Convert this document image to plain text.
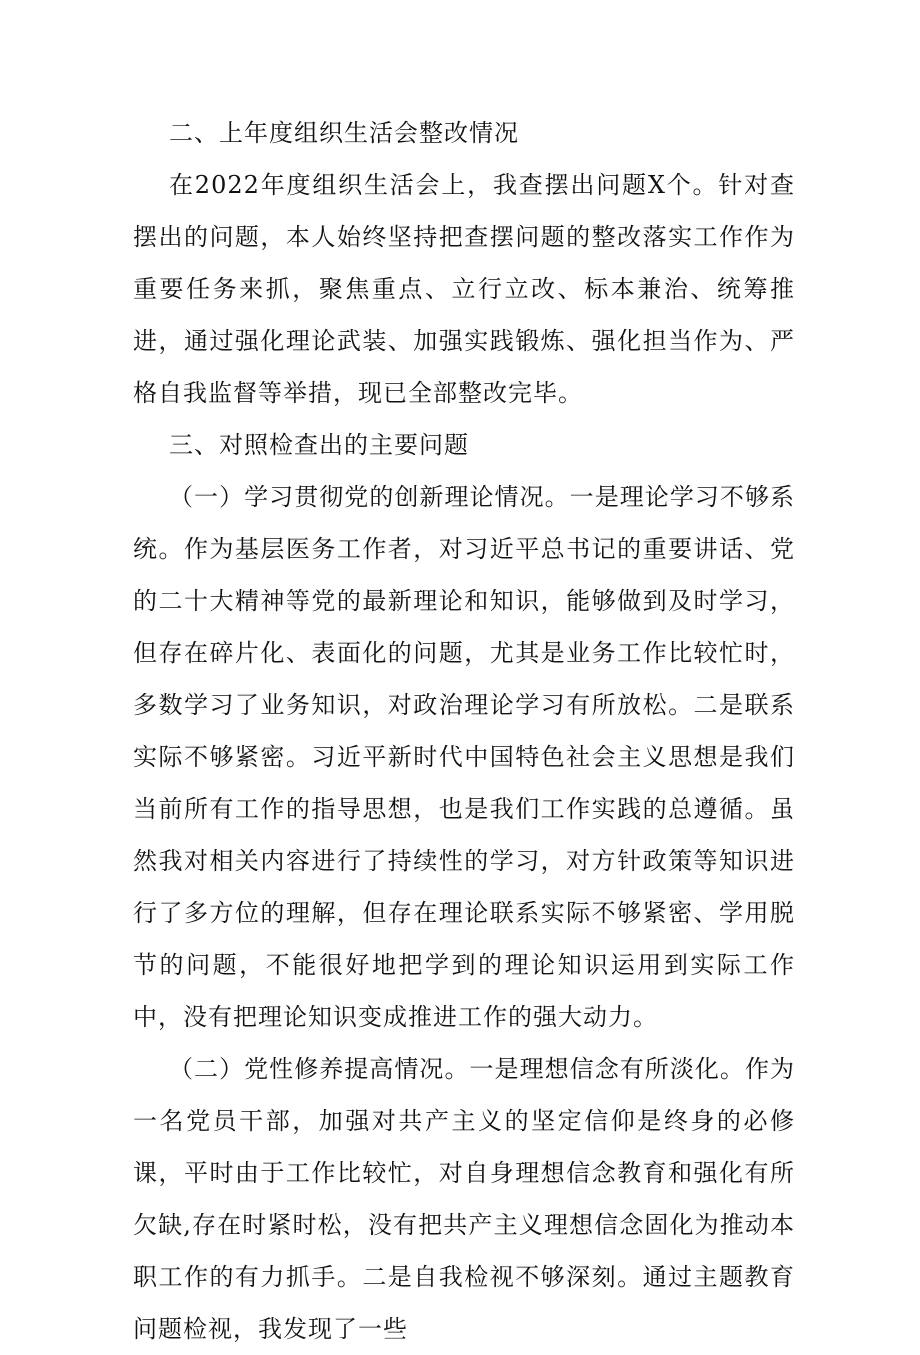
二、上年度组织生活会整改情况

在2022年度组织生活会上，我查摆出问题X个。针对查摆出的问题，本人始终坚持把查摆问题的整改落实工作作为重要任务来抓，聚焦重点、立行立改、标本兼治、统筹推进，通过强化理论武装、加强实践锻炼、强化担当作为、严格自我监督等举措，现已全部整改完毕。

三、对照检查出的主要问题

（一）学习贯彻党的创新理论情况。一是理论学习不够系统。作为基层医务工作者，对习近平总书记的重要讲话、党的二十大精神等党的最新理论和知识，能够做到及时学习，但存在碎片化、表面化的问题，尤其是业务工作比较忙时，多数学习了业务知识，对政治理论学习有所放松。二是联系实际不够紧密。习近平新时代中国特色社会主义思想是我们当前所有工作的指导思想，也是我们工作实践的总遵循。虽然我对相关内容进行了持续性的学习，对方针政策等知识进行了多方位的理解，但存在理论联系实际不够紧密、学用脱节的问题，不能很好地把学到的理论知识运用到实际工作中，没有把理论知识变成推进工作的强大动力。

（二）党性修养提高情况。一是理想信念有所淡化。作为一名党员干部，加强对共产主义的坚定信仰是终身的必修课，平时由于工作比较忙，对自身理想信念教育和强化有所欠缺,存在时紧时松，没有把共产主义理想信念固化为推动本职工作的有力抓手。二是自我检视不够深刻。通过主题教育问题检视，我发现了一些
